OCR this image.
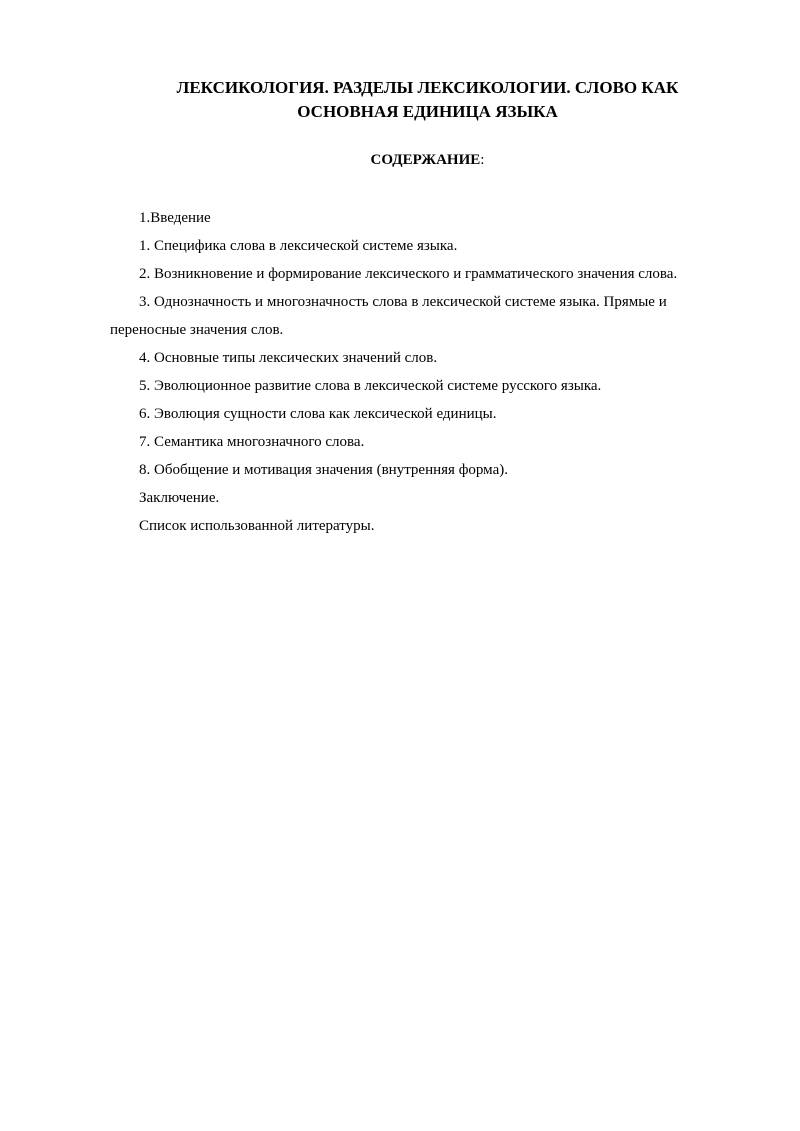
ЛЕКСИКОЛОГИЯ. РАЗДЕЛЫ ЛЕКСИКОЛОГИИ. СЛОВО КАК
ОСНОВНАЯ ЕДИНИЦА ЯЗЫКА

СОДЕРЖАНИЕ:

1.Введение
1. Специфика слова в лексической системе языка.
2. Возникновение и формирование лексического и грамматического значения слова.
3. Однозначность и многозначность слова в лексической системе языка. Прямые и переносные значения слов.
4. Основные типы лексических значений слов.
5. Эволюционное развитие слова в лексической системе русского языка.
6. Эволюция сущности слова как лексической единицы.
7. Семантика многозначного слова.
8. Обобщение и мотивация значения (внутренняя форма).
Заключение.
Список использованной литературы.
